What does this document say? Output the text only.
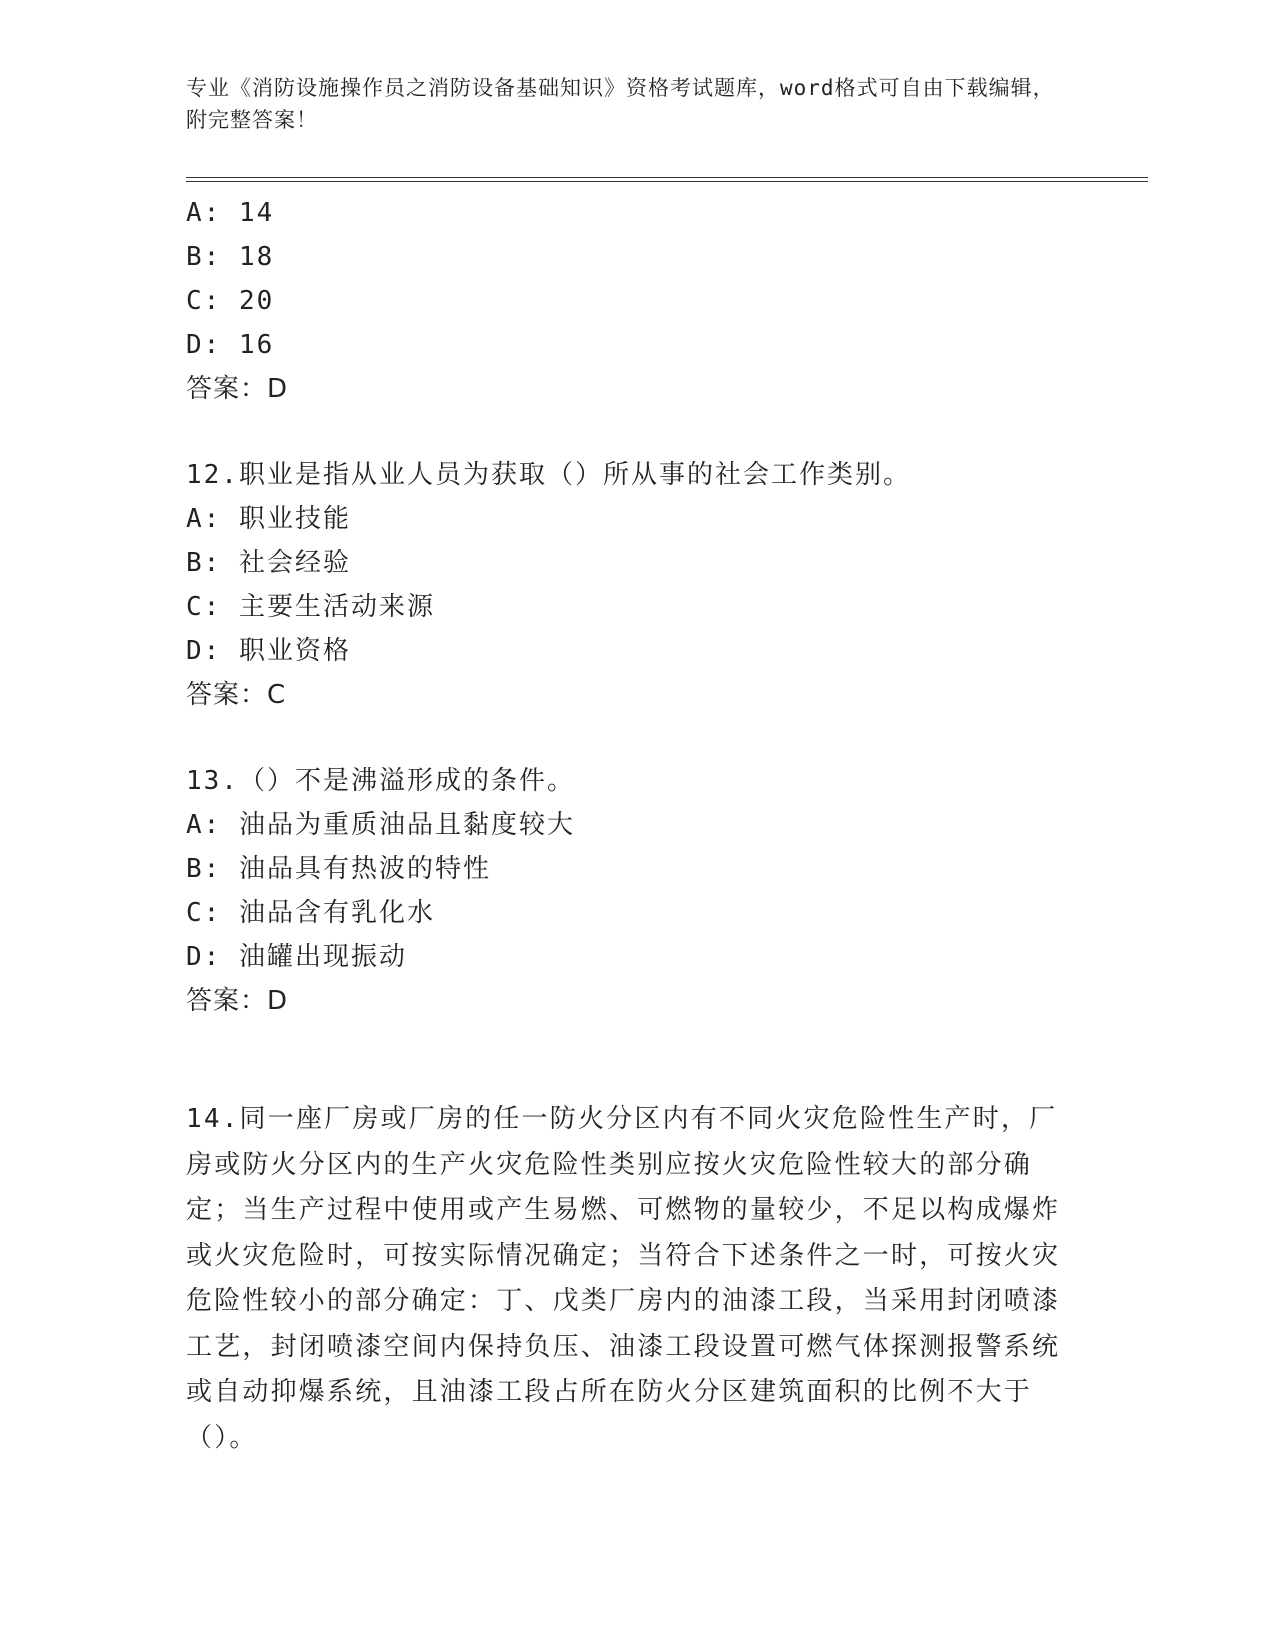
专业《消防设施操作员之消防设备基础知识》资格考试题库，word格式可自由下载编辑，附完整答案！
A: 14
B: 18
C: 20
D: 16
答案：D
12.职业是指从业人员为获取（）所从事的社会工作类别。
A: 职业技能
B: 社会经验
C: 主要生活动来源
D: 职业资格
答案：C
13.（）不是沸溢形成的条件。
A: 油品为重质油品且黏度较大
B: 油品具有热波的特性
C: 油品含有乳化水
D: 油罐出现振动
答案：D
14.同一座厂房或厂房的任一防火分区内有不同火灾危险性生产时，厂房或防火分区内的生产火灾危险性类别应按火灾危险性较大的部分确定；当生产过程中使用或产生易燃、可燃物的量较少，不足以构成爆炸或火灾危险时，可按实际情况确定；当符合下述条件之一时，可按火灾危险性较小的部分确定：丁、戊类厂房内的油漆工段，当采用封闭喷漆工艺，封闭喷漆空间内保持负压、油漆工段设置可燃气体探测报警系统或自动抑爆系统，且油漆工段占所在防火分区建筑面积的比例不大于（）。
